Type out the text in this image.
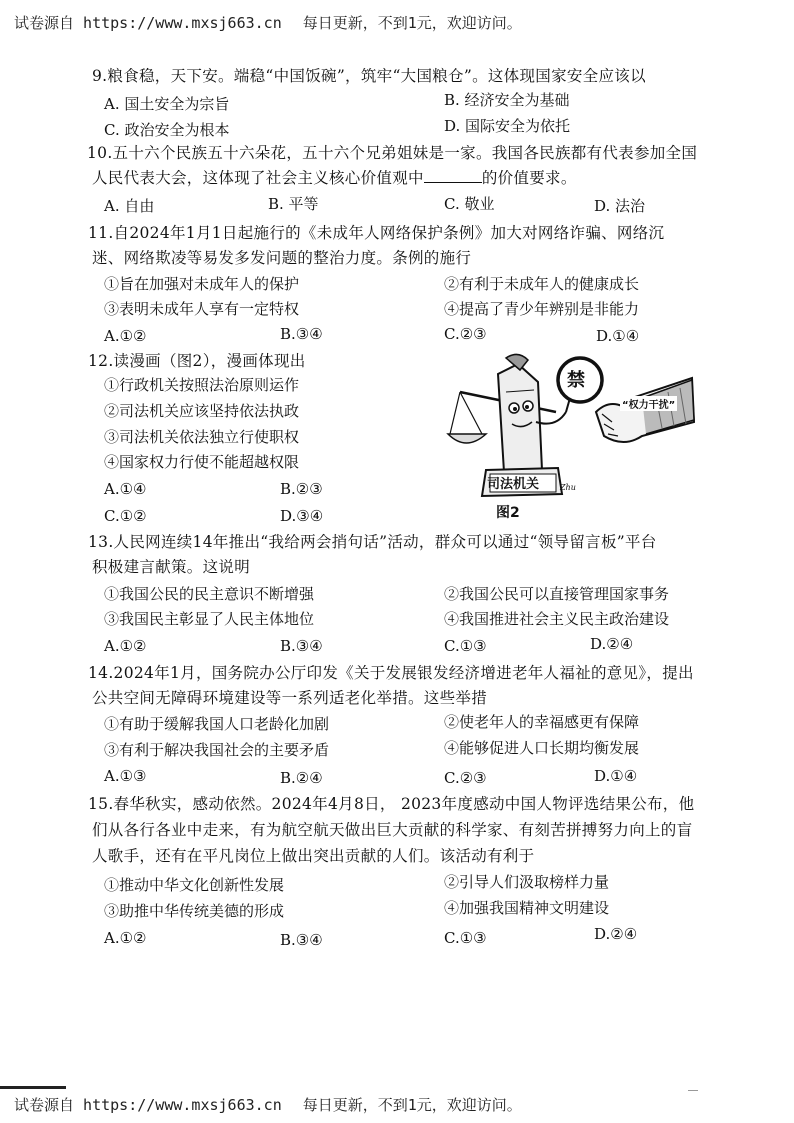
试卷源自 https://www.mxsj663.cn 每日更新，不到1元，欢迎访问。
9.粮食稳，天下安。端稳“中国饭碗”，筑牢“大国粮仓”。这体现国家安全应该以
A. 国土安全为宗旨	B. 经济安全为基础
C. 政治安全为根本	D. 国际安全为依托
10.五十六个民族五十六朵花，五十六个兄弟姐妹是一家。我国各民族都有代表参加全国
人民代表大会，这体现了社会主义核心价值观中	的价值要求。
A. 自由	B. 平等	C. 敬业	D. 法治
11.自2024年1月1日起施行的《未成年人网络保护条例》加大对网络诈骗、网络沉
迷、网络欺凌等易发多发问题的整治力度。条例的施行
①旨在加强对未成年人的保护	②有利于未成年人的健康成长
③表明未成年人享有一定特权	④提高了青少年辨别是非能力
A.①②	B.③④	C.②③	D.①④
12.读漫画（图2），漫画体现出
①行政机关按照法治原则运作
②司法机关应该坚持依法执政
③司法机关依法独立行使职权
④国家权力行使不能超越权限
A.①④	B.②③
C.①②	D.③④
禁
“权力干扰”
司法机关	Zhu
图2
13.人民网连续14年推出“我给两会捎句话”活动，群众可以通过“领导留言板”平台
积极建言献策。这说明
①我国公民的民主意识不断增强	②我国公民可以直接管理国家事务
③我国民主彰显了人民主体地位	④我国推进社会主义民主政治建设
A.①②	B.③④	C.①③	D.②④
14.2024年1月，国务院办公厅印发《关于发展银发经济增进老年人福祉的意见》，提出
公共空间无障碍环境建设等一系列适老化举措。这些举措
①有助于缓解我国人口老龄化加剧	②使老年人的幸福感更有保障
③有利于解决我国社会的主要矛盾	④能够促进人口长期均衡发展
A.①③	B.②④	C.②③	D.①④
15.春华秋实，感动依然。2024年4月8日， 2023年度感动中国人物评选结果公布，他
们从各行各业中走来，有为航空航天做出巨大贡献的科学家、有刻苦拼搏努力向上的盲
人歌手，还有在平凡岗位上做出突出贡献的人们。该活动有利于
①推动中华文化创新性发展	②引导人们汲取榜样力量
③助推中华传统美德的形成	④加强我国精神文明建设
A.①②	B.③④	C.①③	D.②④
试卷源自 https://www.mxsj663.cn 每日更新，不到1元，欢迎访问。
